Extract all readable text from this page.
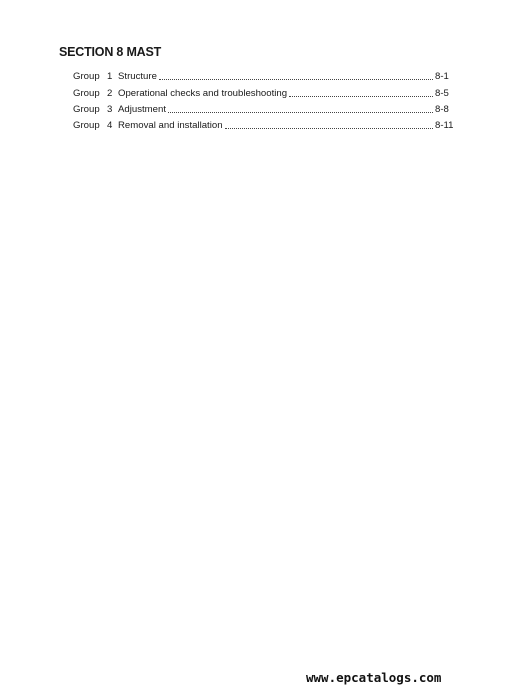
SECTION 8 MAST
Group 1 Structure	8-1
Group 2 Operational checks and troubleshooting	8-5
Group 3 Adjustment	8-8
Group 4 Removal and installation	8-11
www.epcatalogs.com
